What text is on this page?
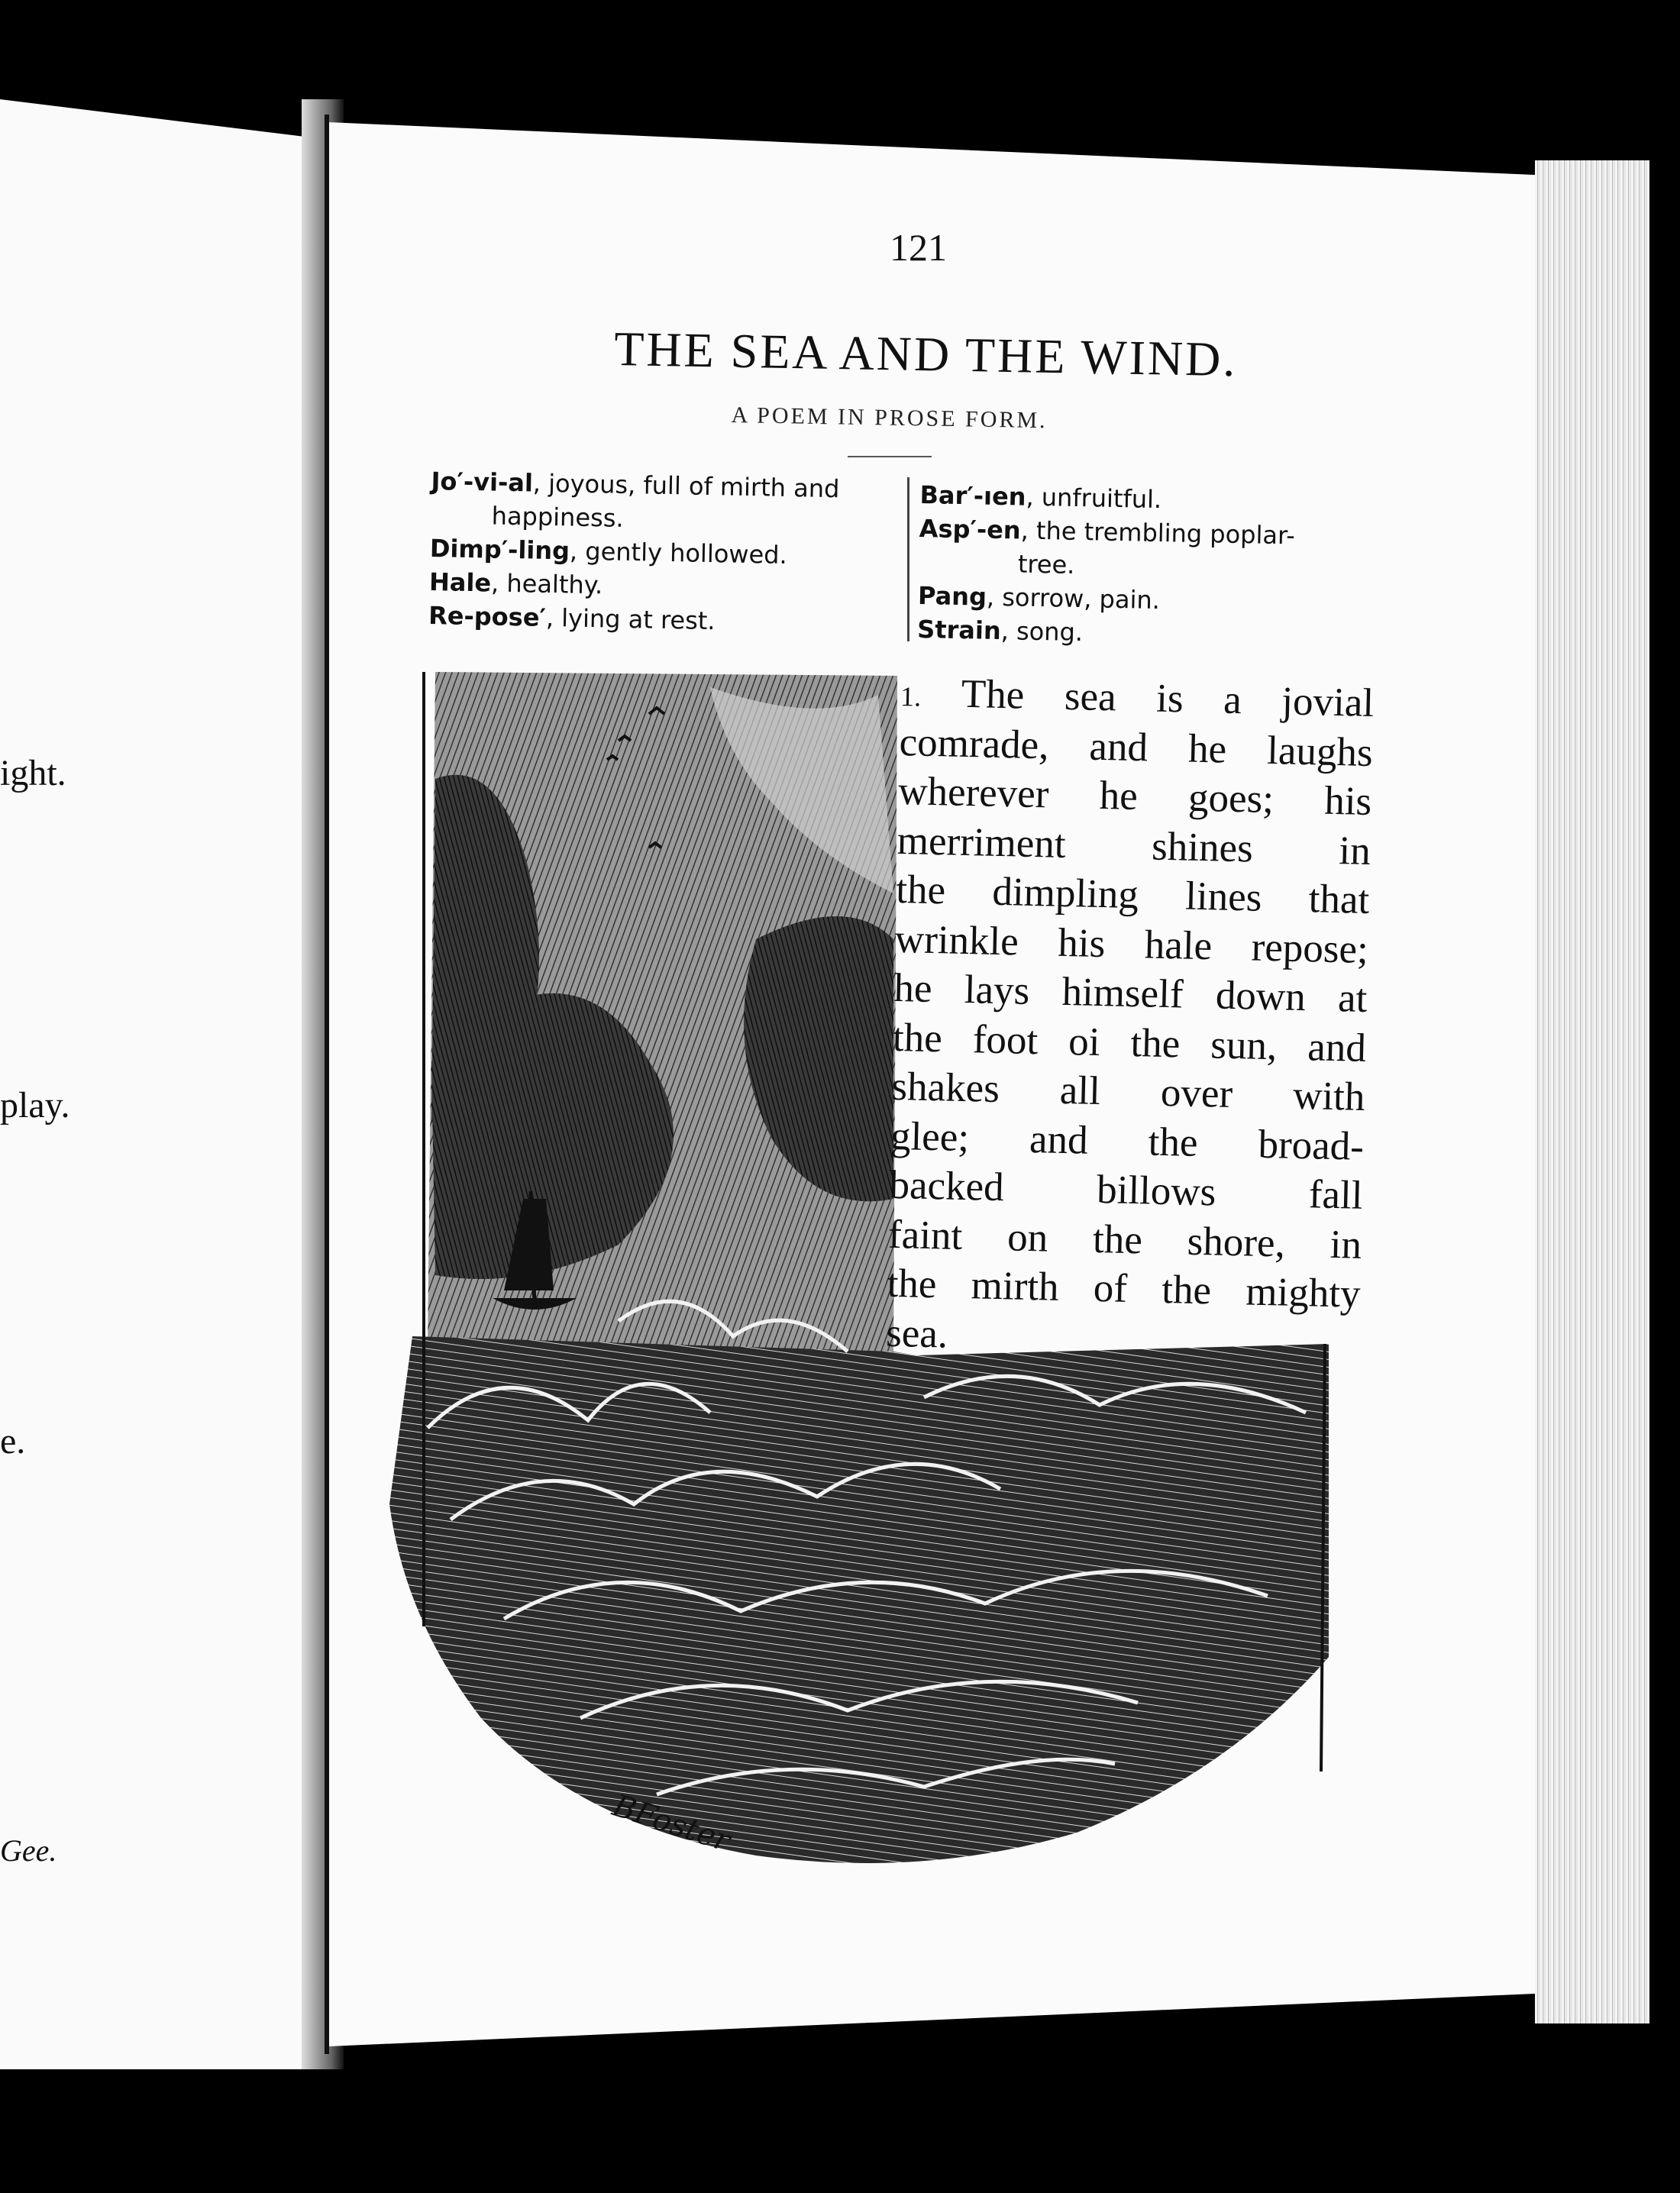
ight.
play.
e.
Gee.
121
THE SEA AND THE WIND.
A POEM IN PROSE FORM.
Jo′-vi-al, joyous, full of mirth and
happiness.
Dimp′-ling, gently hollowed.
Hale, healthy.
Re-pose′, lying at rest.
Bar′-ıen, unfruitful.
Asp′-en, the trembling poplar-
tree.
Pang, sorrow, pain.
Strain, song.
BFoster
1. The sea is a jovial
comrade, and he laughs
wherever he goes; his
merriment shines in
the dimpling lines that
wrinkle his hale repose;
he lays himself down at
the foot oi the sun, and
shakes all over with
glee; and the broad-
backed billows fall
faint on the shore, in
the mirth of the mighty
sea.
